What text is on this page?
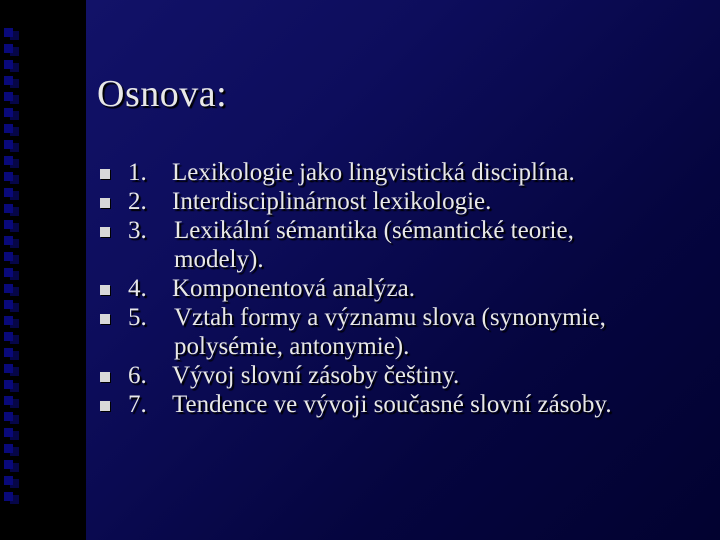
Osnova:
1. Lexikologie jako lingvistická disciplína.
2. Interdisciplinárnost lexikologie.
3. Lexikální sémantika (sémantické teorie, modely).
4. Komponentová analýza.
5. Vztah formy a významu slova (synonymie, polysémie, antonymie).
6. Vývoj slovní zásoby češtiny.
7. Tendence ve vývoji současné slovní zásoby.
